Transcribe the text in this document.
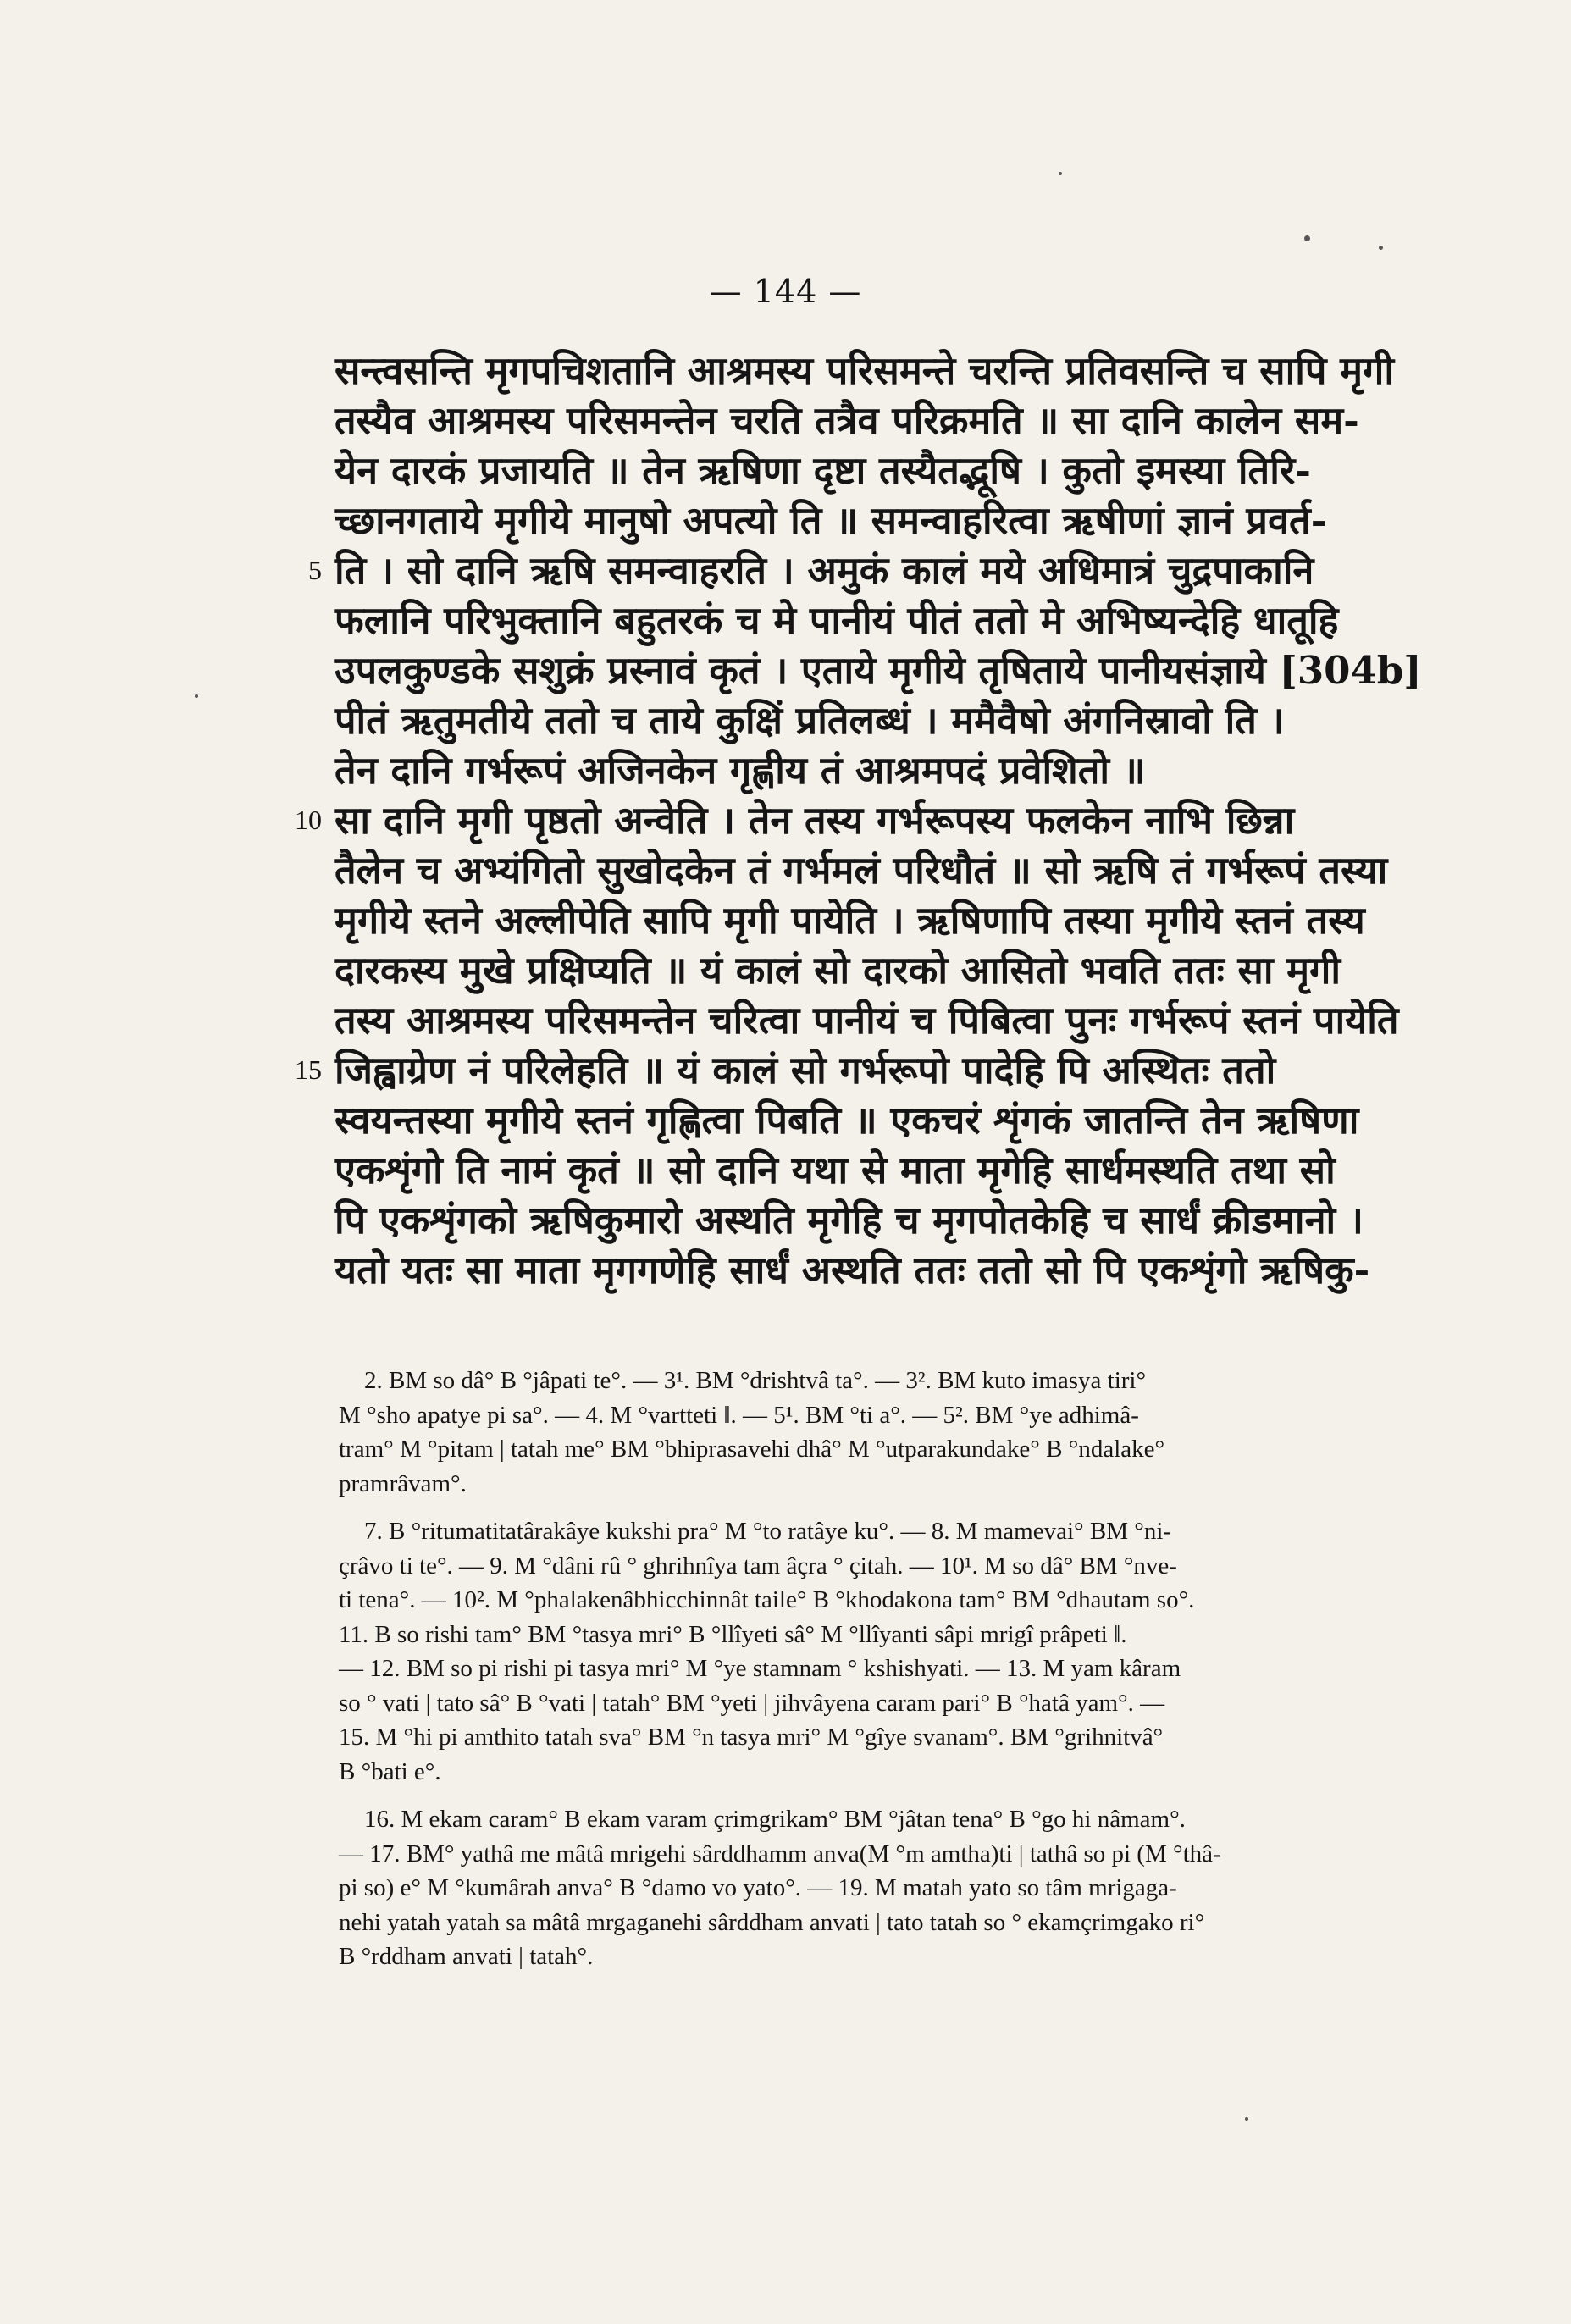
— 144 —
सन्त्वसन्ति मृगपचिशतानि आश्रमस्य परिसमन्ते चरन्ति प्रतिवसन्ति च सापि मृगी
तस्यैव आश्रमस्य परिसमन्तेन चरति तत्रैव परिक्रमति ॥ सा दानि कालेन सम-
येन दारकं प्रजायति ॥ तेन ऋषिणा दृष्टा तस्यैतद्भूषि । कुतो इमस्या तिरि-
च्छानगताये मृगीये मानुषो अपत्यो ति ॥ समन्वाहरित्वा ऋषीणां ज्ञानं प्रवर्त-
5 ति । सो दानि ऋषि समन्वाहरति । अमुकं कालं मये अधिमात्रं चुद्रपाकानि
फलानि परिभुक्तानि बहुतरकं च मे पानीयं पीतं ततो मे अभिष्यन्देहि धातूहि
उपलकुण्डके सशुक्रं प्रस्नावं कृतं । एताये मृगीये तृषिताये पानीयसंज्ञाये [304b]
पीतं ऋतुमतीये ततो च ताये कुक्षिं प्रतिलब्धं । ममैवैषो अंगनिस्रावो ति ।
तेन दानि गर्भरूपं अजिनकेन गृह्णीय तं आश्रमपदं प्रवेशितो ॥
10 सा दानि मृगी पृष्ठतो अन्वेति । तेन तस्य गर्भरूपस्य फलकेन नाभि छिन्ना
तैलेन च अभ्यंगितो सुखोदकेन तं गर्भमलं परिधौतं ॥ सो ऋषि तं गर्भरूपं तस्या
मृगीये स्तने अल्लीपेति सापि मृगी पायेति । ऋषिणापि तस्या मृगीये स्तनं तस्य
दारकस्य मुखे प्रक्षिप्यति ॥ यं कालं सो दारको आसितो भवति ततः सा मृगी
तस्य आश्रमस्य परिसमन्तेन चरित्वा पानीयं च पिबित्वा पुनः गर्भरूपं स्तनं पायेति
15 जिह्वाग्रेण नं परिलेहति ॥ यं कालं सो गर्भरूपो पादेहि पि अस्थितः ततो
स्वयन्तस्या मृगीये स्तनं गृह्णित्वा पिबति ॥ एकचरं शृंगकं जातन्ति तेन ऋषिणा
एकशृंगो ति नामं कृतं ॥ सो दानि यथा से माता मृगेहि सार्धमस्थति तथा सो
पि एकशृंगको ऋषिकुमारो अस्थति मृगेहि च मृगपोतकेहि च सार्धं क्रीडमानो ।
यतो यतः सा माता मृगगणेहि सार्धं अस्थति ततः ततो सो पि एकशृंगो ऋषिकु-
2. BM so dâ° B °jâpati te°. — 3¹. BM °drishtvâ ta°. — 3². BM kuto imasya tiri°
M °sho apatye pi sa°. — 4. M °vartteti ‖. — 5¹. BM °ti a°. — 5². BM °ye adhimâ-
tram° M °pitam | tatah me° BM °bhiprasavehi dhâ° M °utparakundake° B °ndalake°
pramrâvam°.
7. B °ritumatitatârakâye kukshi pra° M °to ratâye ku°. — 8. M mamevai° BM °ni-
çrâvo ti te°. — 9. M °dâni rû ° ghrihnîya tam âçra ° çitah. — 10¹. M so dâ° BM °nve-
ti tena°. — 10². M °phalakenâbhicchinnât taile° B °khodakona tam° BM °dhautam so°.
11. B so rishi tam° BM °tasya mri° B °llîyeti sâ° M °llîyanti sâpi mrigî prâpeti ‖.
— 12. BM so pi rishi pi tasya mri° M °ye stamnam ° kshishyati. — 13. M yam kâram
so ° vati | tato sâ° B °vati | tatah° BM °yeti | jihvâyena caram pari° B °hatâ yam°. —
15. M °hi pi amthito tatah sva° BM °n tasya mri° M °gîye svanam°. BM °grihnitvâ°
B °bati e°.
16. M ekam caram° B ekam varam çrimgrikam° BM °jâtan tena° B °go hi nâmam°.
— 17. BM° yathâ me mâtâ mrigehi sârddhamm anva(M °m amtha)ti | tathâ so pi (M °thâ-
pi so) e° M °kumârah anva° B °damo vo yato°. — 19. M matah yato so tâm mrigaga-
nehi yatah yatah sa mâtâ mrgaganehi sârddham anvati | tato tatah so ° ekamçrimgako ri°
B °rddham anvati | tatah°.
